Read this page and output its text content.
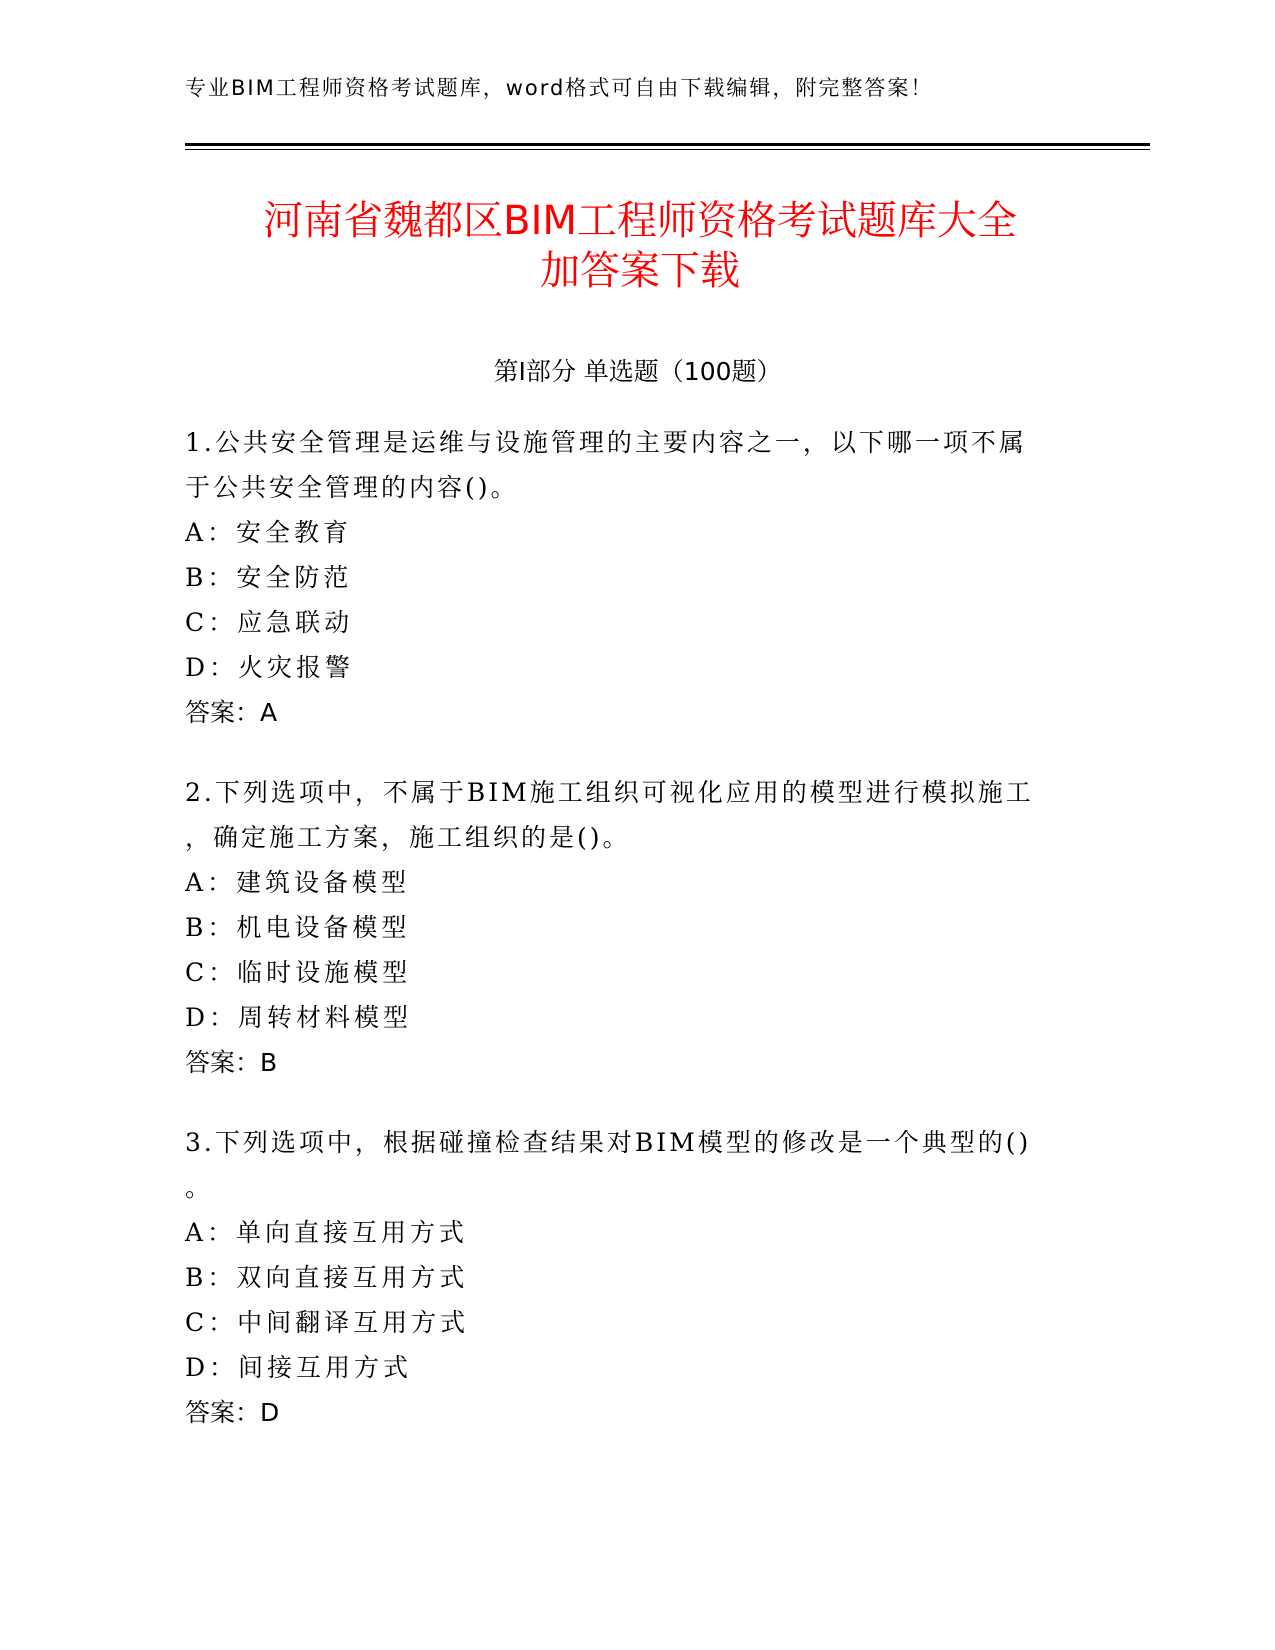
专业BIM工程师资格考试题库，word格式可自由下载编辑，附完整答案！
河南省魏都区BIM工程师资格考试题库大全
加答案下载
第I部分 单选题（100题）
1.公共安全管理是运维与设施管理的主要内容之一，以下哪一项不属
于公共安全管理的内容()。
A：安全教育
B：安全防范
C：应急联动
D：火灾报警
答案：A
2.下列选项中，不属于BIM施工组织可视化应用的模型进行模拟施工
，确定施工方案，施工组织的是()。
A：建筑设备模型
B：机电设备模型
C：临时设施模型
D：周转材料模型
答案：B
3.下列选项中，根据碰撞检查结果对BIM模型的修改是一个典型的()
。
A：单向直接互用方式
B：双向直接互用方式
C：中间翻译互用方式
D：间接互用方式
答案：D
